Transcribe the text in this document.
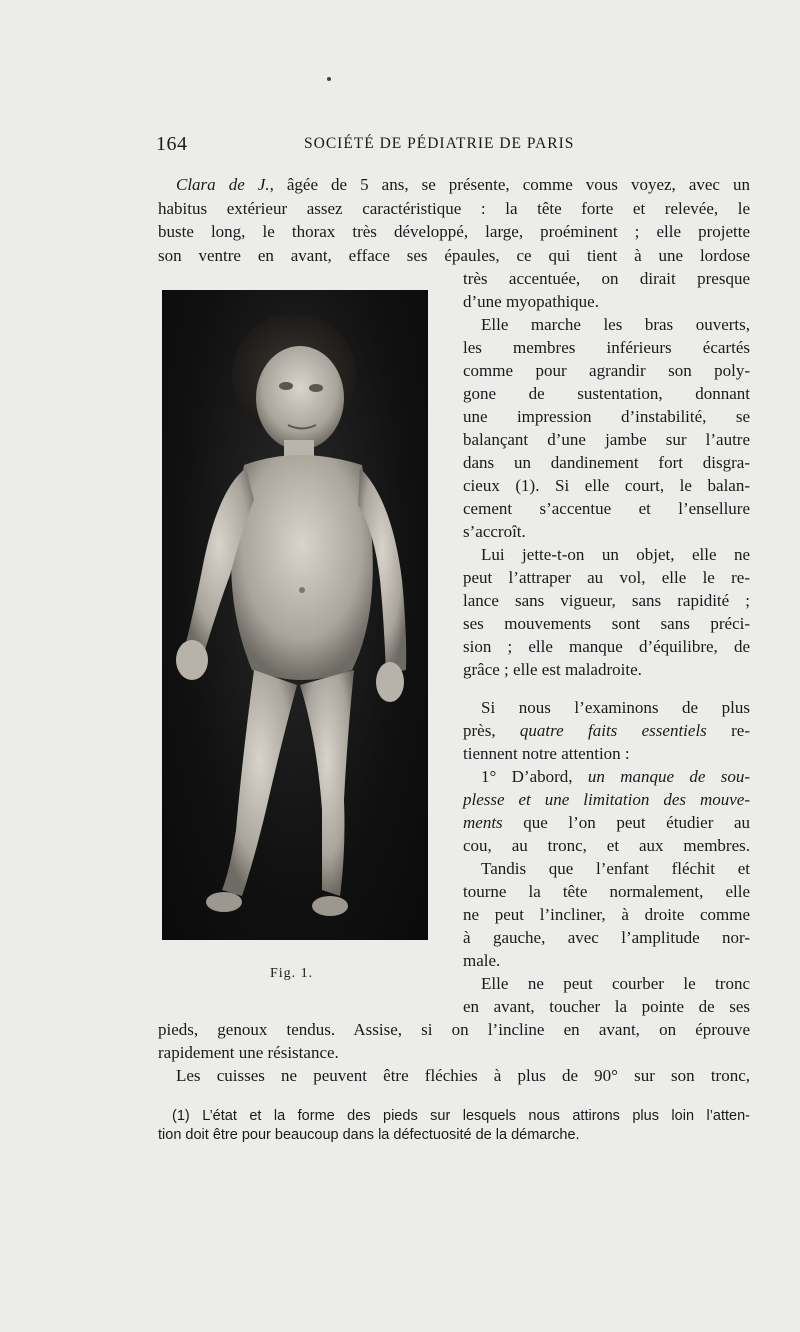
164	SOCIÉTÉ DE PÉDIATRIE DE PARIS
Clara de J., âgée de 5 ans, se présente, comme vous voyez, avec un
habitus extérieur assez caractéristique : la tête forte et relevée, le
buste long, le thorax très développé, large, proéminent ; elle projette
son ventre en avant, efface ses épaules, ce qui tient à une lordose
Fig. 1.
très accentuée, on dirait presque
d’une myopathique.
Elle marche les bras ouverts,
les membres inférieurs écartés
comme pour agrandir son poly-
gone de sustentation, donnant
une impression d’instabilité, se
balançant d’une jambe sur l’autre
dans un dandinement fort disgra-
cieux (1). Si elle court, le balan-
cement s’accentue et l’ensellure
s’accroît.
Lui jette-t-on un objet, elle ne
peut l’attraper au vol, elle le re-
lance sans vigueur, sans rapidité ;
ses mouvements sont sans préci-
sion ; elle manque d’équilibre, de
grâce ; elle est maladroite.
Si nous l’examinons de plus
près, quatre faits essentiels re-
tiennent notre attention :
1° D’abord, un manque de sou-
plesse et une limitation des mouve-
ments que l’on peut étudier au
cou, au tronc, et aux membres.
Tandis que l’enfant fléchit et
tourne la tête normalement, elle
ne peut l’incliner, à droite comme
à gauche, avec l’amplitude nor-
male.
Elle ne peut courber le tronc
en avant, toucher la pointe de ses
pieds, genoux tendus. Assise, si on l’incline en avant, on éprouve
rapidement une résistance.
Les cuisses ne peuvent être fléchies à plus de 90° sur son tronc,
(1) L’état et la forme des pieds sur lesquels nous attirons plus loin l’atten-
tion doit être pour beaucoup dans la défectuosité de la démarche.
